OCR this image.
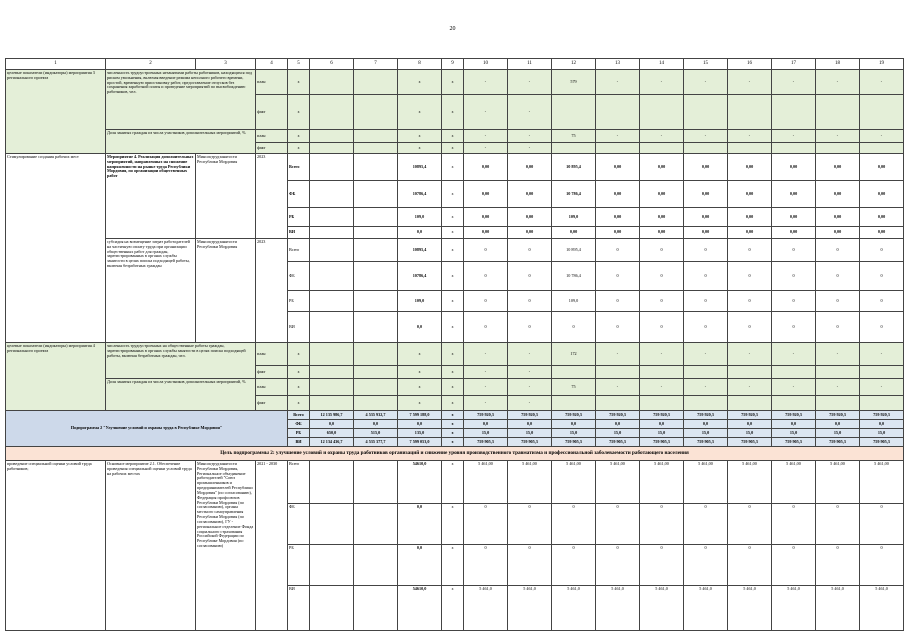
20
1	2	3	4	5	6	7	8	9	10	11	12	13	14	15	16	17	18	19
целевые показатели (индикаторы) мероприятия 3 регионального проекта	численность трудоустроенных незанятыми работы работников, находящихся под риском увольнения, включая введение режима неполного рабочего времени, простой, временную приостановку работ, предоставление отпусков без сохранения заработной платы и проведение мероприятий по высвобождению работников, чел.		план	x			x	x	-	-	579	-	-	-	-	-	-	-
			факт	x			x	x	-	-								
	Доля занятых граждан из числа участников дополнительных мероприятий, %		план	x			x	x	-	-	75	-	-	-	-	-	-	-
			факт	x			x	x	-	-								
Стимулирование создания рабочих мест	Мероприятие 4. Реализация дополнительных мероприятий, направленных на снижение напряженности на рынке труда Республики Мордовия, по организации общественных работ	Минсоцтрудзанятости Республики Мордовия	2023	Всего			10895,4	x	0,00	0,00	10 895,4	0,00	0,00	0,00	0,00	0,00	0,00	0,00
				ФБ			10786,4	x	0,00	0,00	10 786,4	0,00	0,00	0,00	0,00	0,00	0,00	0,00
				РБ			109,0	x	0,00	0,00	109,0	0,00	0,00	0,00	0,00	0,00	0,00	0,00
				ВИ			0,0	x	0,00	0,00	0,00	0,00	0,00	0,00	0,00	0,00	0,00	0,00
	субсидия на возмещение затрат работодателей на частичную оплату труда при организации общественных работ для граждан, зарегистрированных в органах службы занятости в целях поиска подходящей работы, включая безработных граждан	Минсоцтрудзанятости Республики Мордовия	2023	Всего			10895,4	x	0	0	10 895,4	0	0	0	0	0	0	0
				ФБ			10786,4	x	0	0	10 786,4	0	0	0	0	0	0	0
				РБ			109,0	x	0	0	109,0	0	0	0	0	0	0	0
				ВИ			0,0	x	0	0	0	0	0	0	0	0	0	0
целевые показатели (индикаторы) мероприятия 4 регионального проекта	численность трудоустроенных на общественные работы граждан, зарегистрированных в органах службы занятости в целях поиска подходящей работы, включая безработных граждан, чел.		план	x			x	x	-	-	172	-	-	-	-	-	-	-
			факт	x			x	x	-	-								
	Доля занятых граждан из числа участников дополнительных мероприятий, %		план	x			x	x	-	-	75	-	-	-	-	-	-	-
			факт	x			x	x	-	-								
Подпрограмма 2 "Улучшение условий и охраны труда в Республике Мордовия"				Всего	12 135 986,7	4 535 932,7	7 599 188,0	x	759 920,3	759 920,3	759 920,3	759 920,3	759 920,3	759 920,3	759 920,3	759 920,3	759 920,3	759 920,3
				ФБ	0,0	0,0	0,0	x	0,0	0,0	0,0	0,0	0,0	0,0	0,0	0,0	0,0	0,0
				РБ	650,0	515,0	135,0	x	15,0	15,0	15,0	15,0	15,0	15,0	15,0	15,0	15,0	15,0
				ВИ	12 134 436,7	4 535 377,7	7 599 053,0	x	759 905,3	759 905,3	759 905,3	759 905,3	759 905,3	759 905,3	759 905,3	759 905,3	759 905,3	759 905,3
Цель подпрограммы 2: улучшение условий и охраны труда работников организаций и снижение уровня производственного травматизма и профессиональной заболеваемости работающего населения																		
проведение специальной оценки условий труда работников;	Основное мероприятие 2.1. Обеспечение проведения специальной оценки условий труда на рабочих местах	Минсоцтрудзанятости Республики Мордовия, Региональное объединение работодателей "Союз промышленников и предпринимателей Республики Мордовия" (по согласованию), Федерация профсоюзов Республики Мордовия (по согласованию), органы местного самоуправления Республики Мордовия (по согласованию), ГУ - региональное отделение Фонда социального страхования Российской Федерации по Республике Мордовия (по согласованию)	2021 - 2030	Всего			54610,0	x	5 461,00	5 461,00	5 461,00	5 461,00	5 461,00	5 461,00	5 461,00	5 461,00	5 461,00	5 461,00
				ФБ			0,0	x	0	0	0	0	0	0	0	0	0	0
				РБ			0,0	x	0	0	0	0	0	0	0	0	0	0
				ВИ			54610,0	x	5 461,0	5 461,0	5 461,0	5 461,0	5 461,0	5 461,0	5 461,0	5 461,0	5 461,0	5 461,0
